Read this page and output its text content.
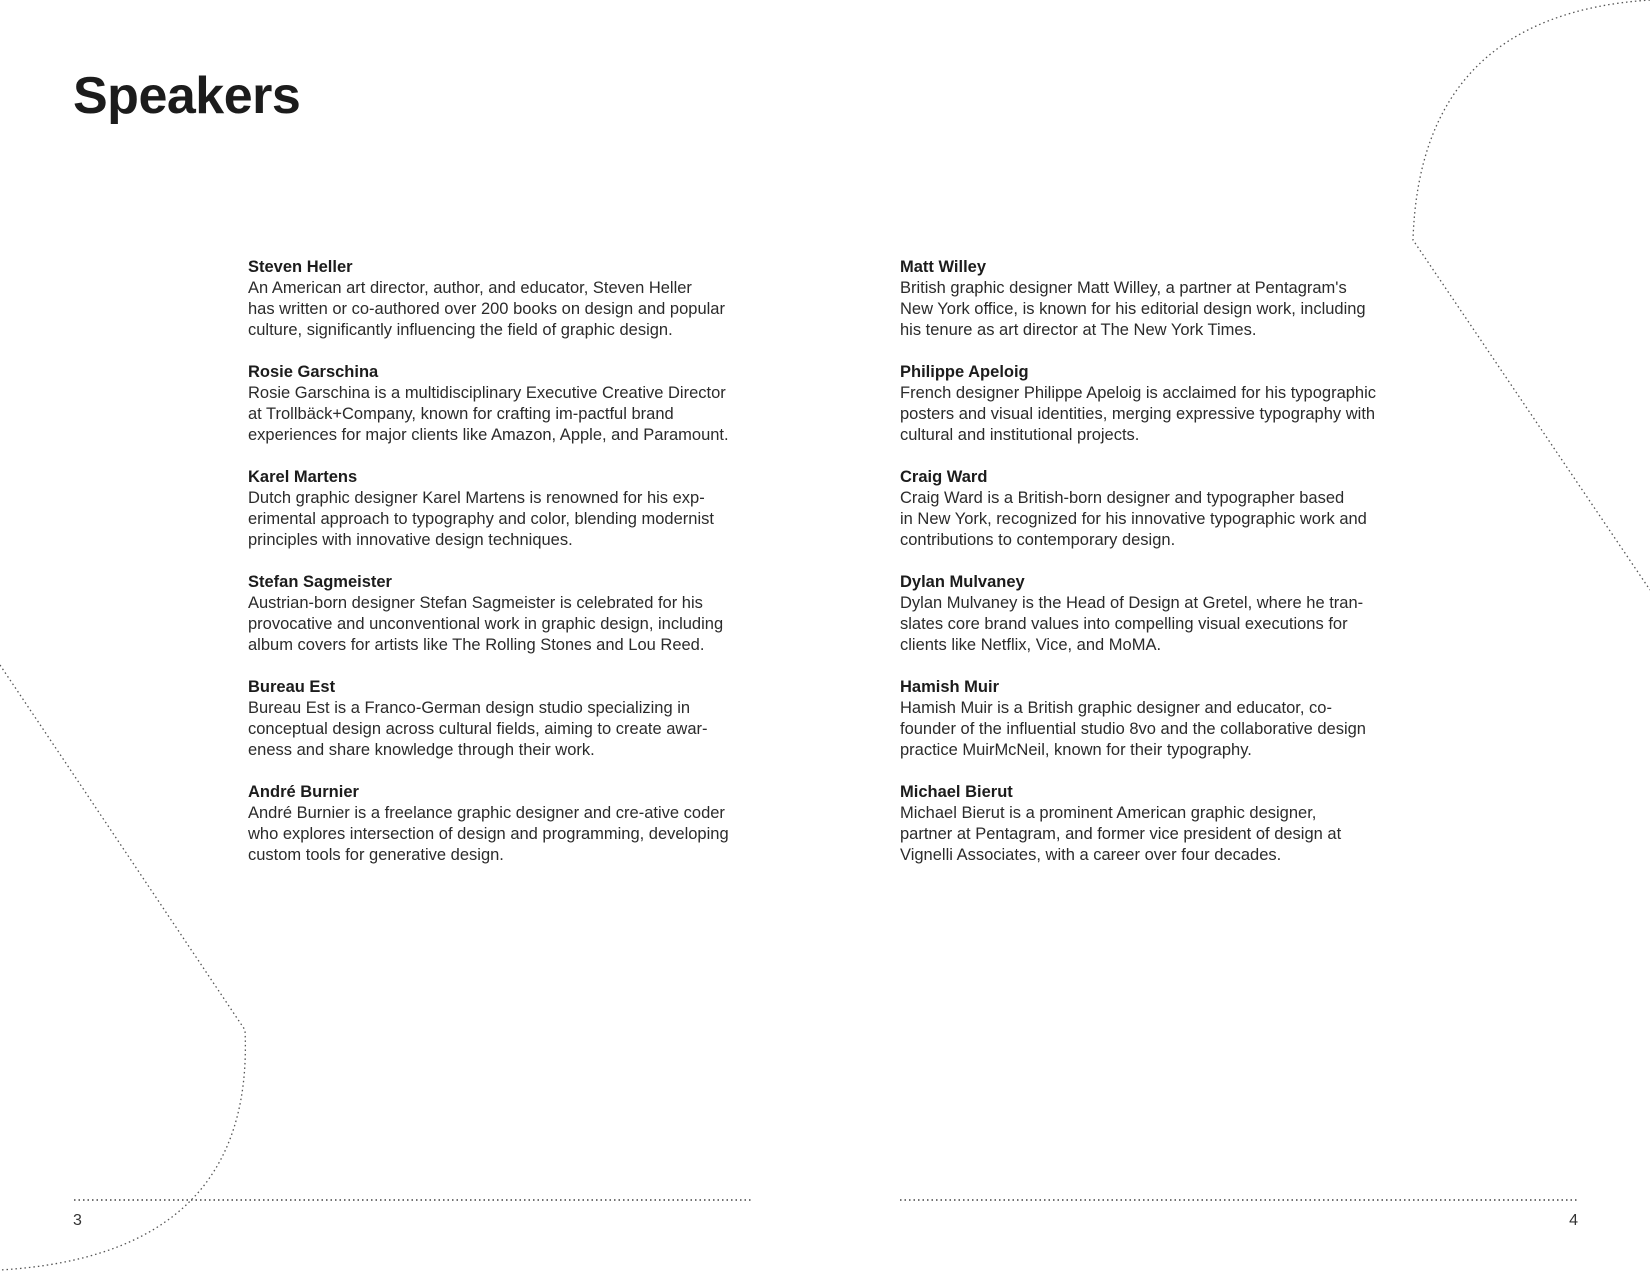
Speakers
Steven Heller
An American art director, author, and educator, Steven Heller
has written or co-authored over 200 books on design and popular
culture, significantly influencing the field of graphic design.
Rosie Garschina
Rosie Garschina is a multidisciplinary Executive Creative Director
at Trollbäck+Company, known for crafting im-pactful brand
experiences for major clients like Amazon, Apple, and Paramount.
Karel Martens
Dutch graphic designer Karel Martens is renowned for his exp-
erimental approach to typography and color, blending modernist
principles with innovative design techniques.
Stefan Sagmeister
Austrian-born designer Stefan Sagmeister is celebrated for his
provocative and unconventional work in graphic design, including
album covers for artists like The Rolling Stones and Lou Reed.
Bureau Est
Bureau Est is a Franco-German design studio specializing in
conceptual design across cultural fields, aiming to create awar-
eness and share knowledge through their work.
André Burnier
André Burnier is a freelance graphic designer and cre-ative coder
who explores intersection of design and programming, developing
custom tools for generative design.
Matt Willey
British graphic designer Matt Willey, a partner at Pentagram's
New York office, is known for his editorial design work, including
his tenure as art director at The New York Times.
Philippe Apeloig
French designer Philippe Apeloig is acclaimed for his typographic
posters and visual identities, merging expressive typography with
cultural and institutional projects.
Craig Ward
Craig Ward is a British-born designer and typographer based
in New York, recognized for his innovative typographic work and
contributions to contemporary design.
Dylan Mulvaney
Dylan Mulvaney is the Head of Design at Gretel, where he tran-
slates core brand values into compelling visual executions for
clients like Netflix, Vice, and MoMA.
Hamish Muir
Hamish Muir is a British graphic designer and educator, co-
founder of the influential studio 8vo and the collaborative design
practice MuirMcNeil, known for their typography.
Michael Bierut
Michael Bierut is a prominent American graphic designer,
partner at Pentagram, and former vice president of design at
Vignelli Associates, with a career over four decades.
3	4
